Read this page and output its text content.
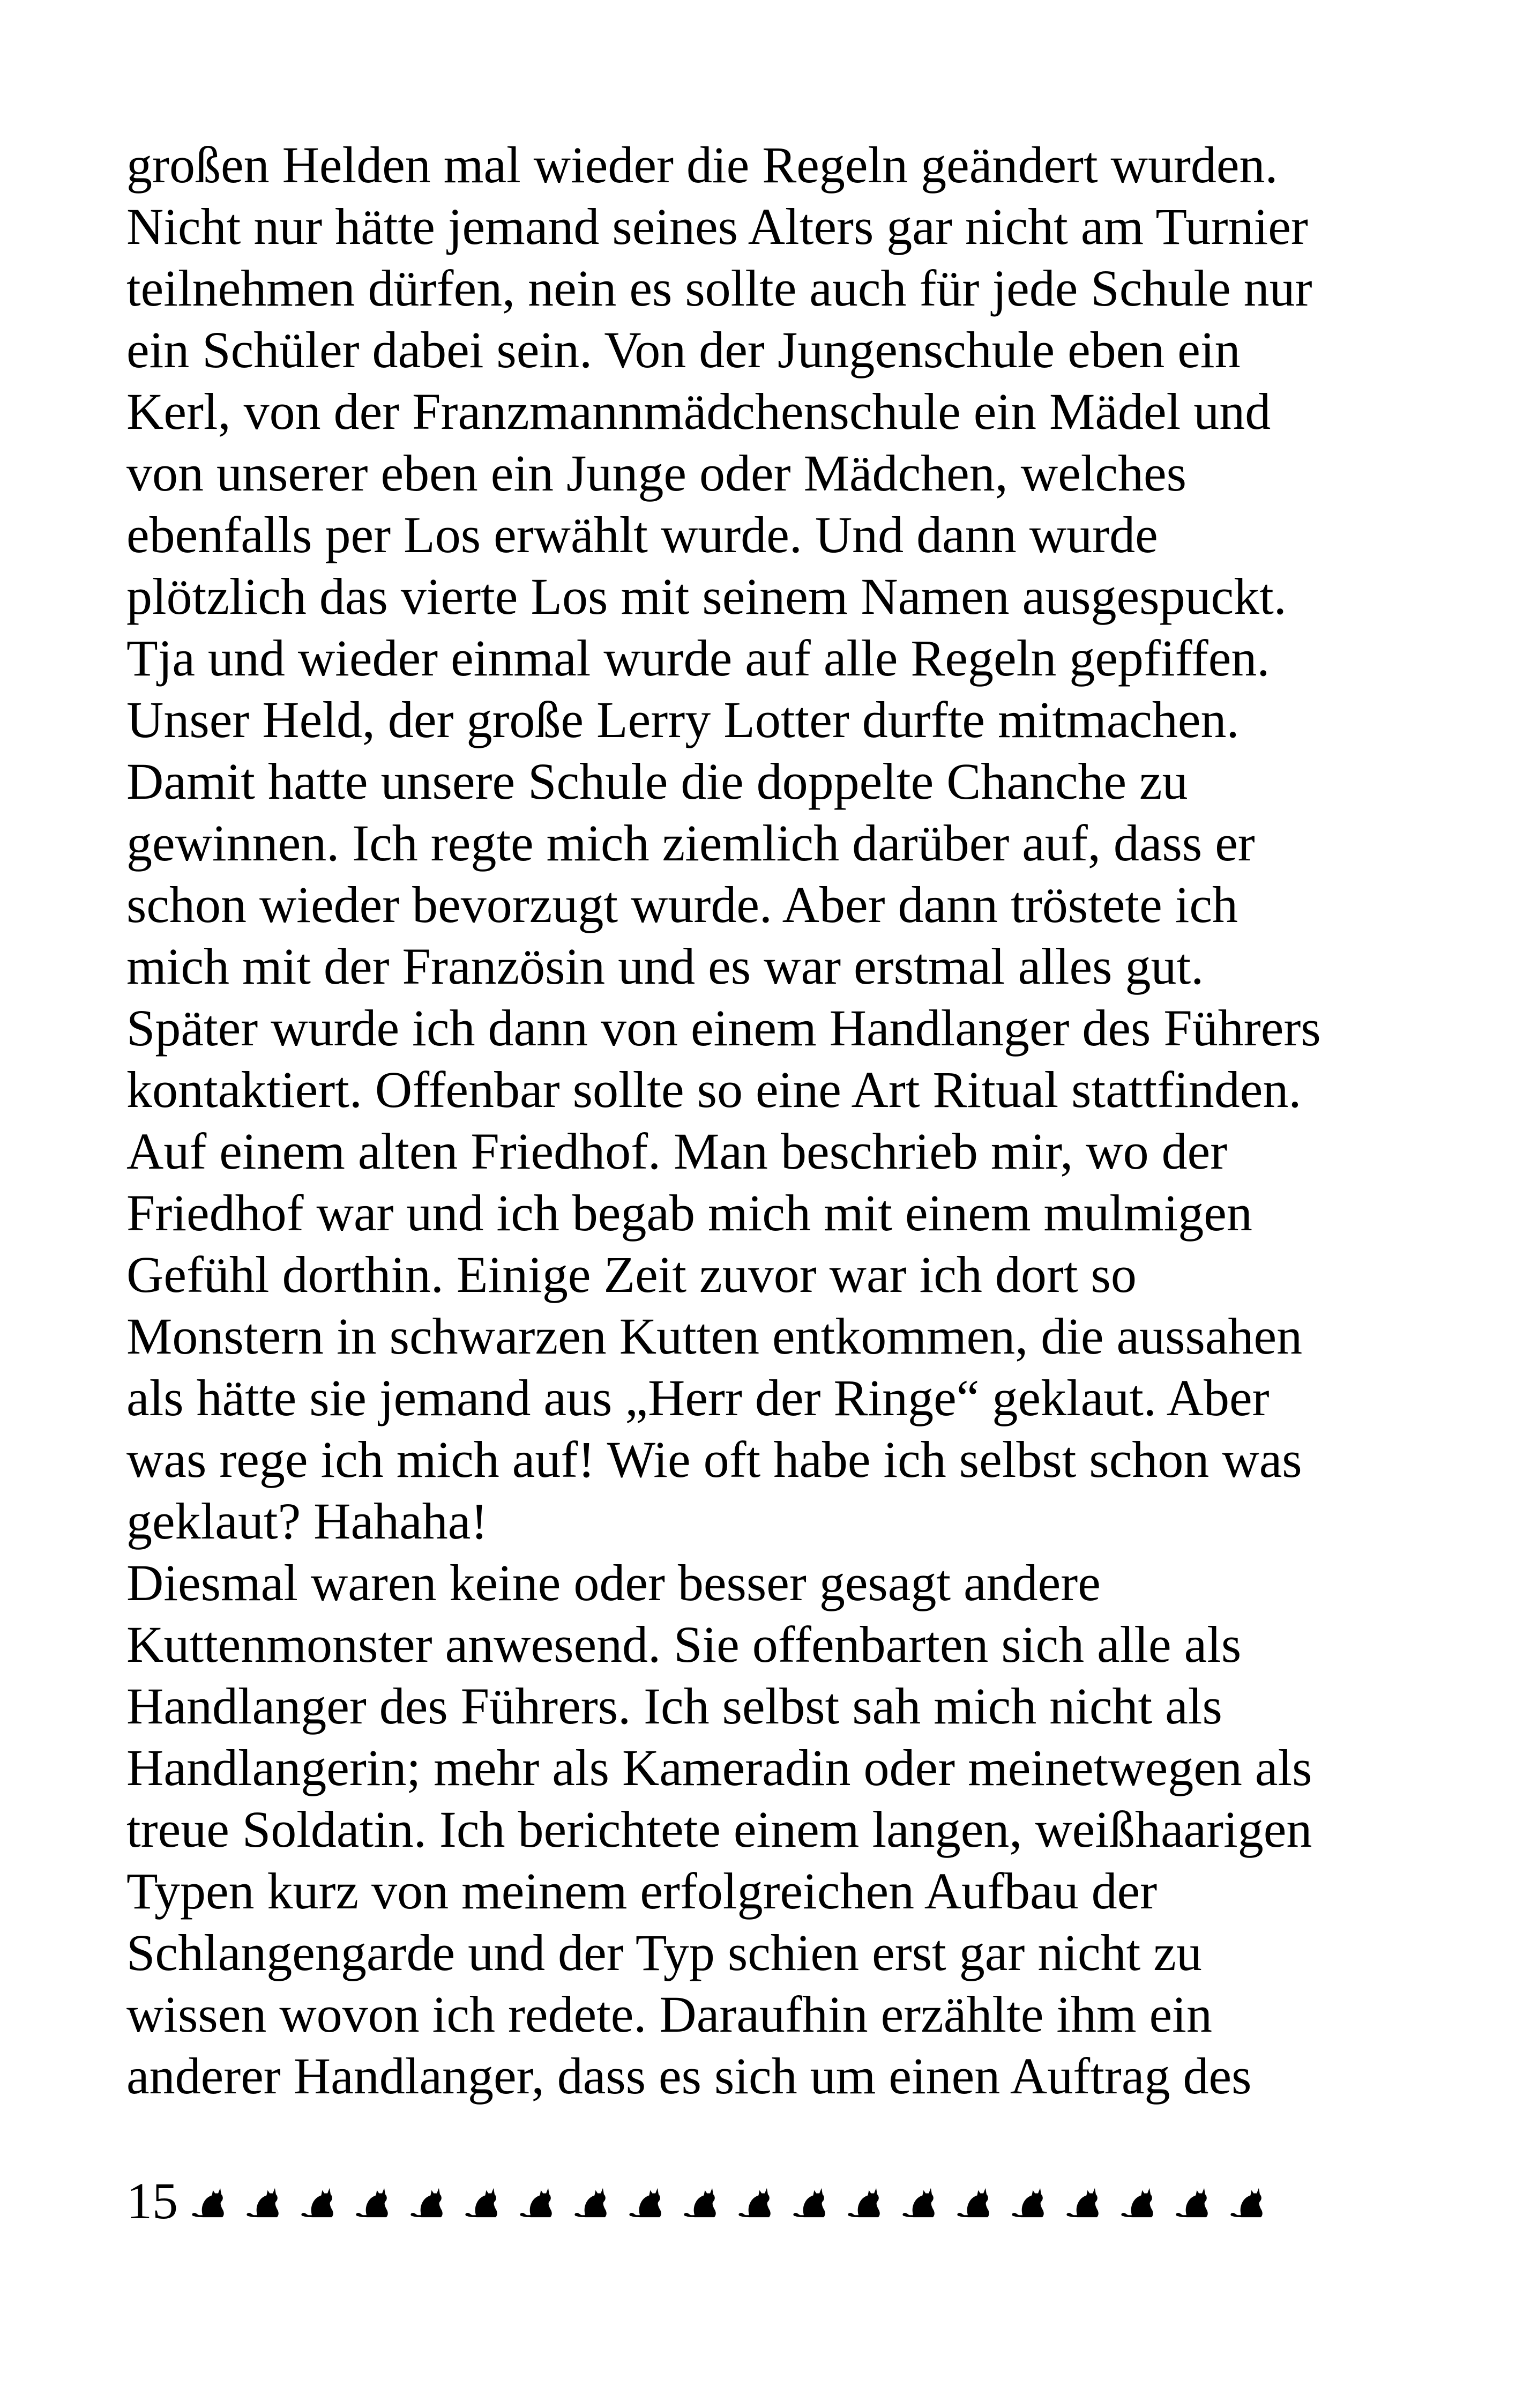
großen Helden mal wieder die Regeln geändert wurden.
Nicht nur hätte jemand seines Alters gar nicht am Turnier
teilnehmen dürfen, nein es sollte auch für jede Schule nur
ein Schüler dabei sein. Von der Jungenschule eben ein
Kerl, von der Franzmannmädchenschule ein Mädel und
von unserer eben ein Junge oder Mädchen, welches
ebenfalls per Los erwählt wurde. Und dann wurde
plötzlich das vierte Los mit seinem Namen ausgespuckt.
Tja und wieder einmal wurde auf alle Regeln gepfiffen.
Unser Held, der große Lerry Lotter durfte mitmachen.
Damit hatte unsere Schule die doppelte Chanche zu
gewinnen. Ich regte mich ziemlich darüber auf, dass er
schon wieder bevorzugt wurde. Aber dann tröstete ich
mich mit der Französin und es war erstmal alles gut.
Später wurde ich dann von einem Handlanger des Führers
kontaktiert. Offenbar sollte so eine Art Ritual stattfinden.
Auf einem alten Friedhof. Man beschrieb mir, wo der
Friedhof war und ich begab mich mit einem mulmigen
Gefühl dorthin. Einige Zeit zuvor war ich dort so
Monstern in schwarzen Kutten entkommen, die aussahen
als hätte sie jemand aus „Herr der Ringe“ geklaut. Aber
was rege ich mich auf! Wie oft habe ich selbst schon was
geklaut? Hahaha!
Diesmal waren keine oder besser gesagt andere
Kuttenmonster anwesend. Sie offenbarten sich alle als
Handlanger des Führers. Ich selbst sah mich nicht als
Handlangerin; mehr als Kameradin oder meinetwegen als
treue Soldatin. Ich berichtete einem langen, weißhaarigen
Typen kurz von meinem erfolgreichen Aufbau der
Schlangengarde und der Typ schien erst gar nicht zu
wissen wovon ich redete. Daraufhin erzählte ihm ein
anderer Handlanger, dass es sich um einen Auftrag des
15
